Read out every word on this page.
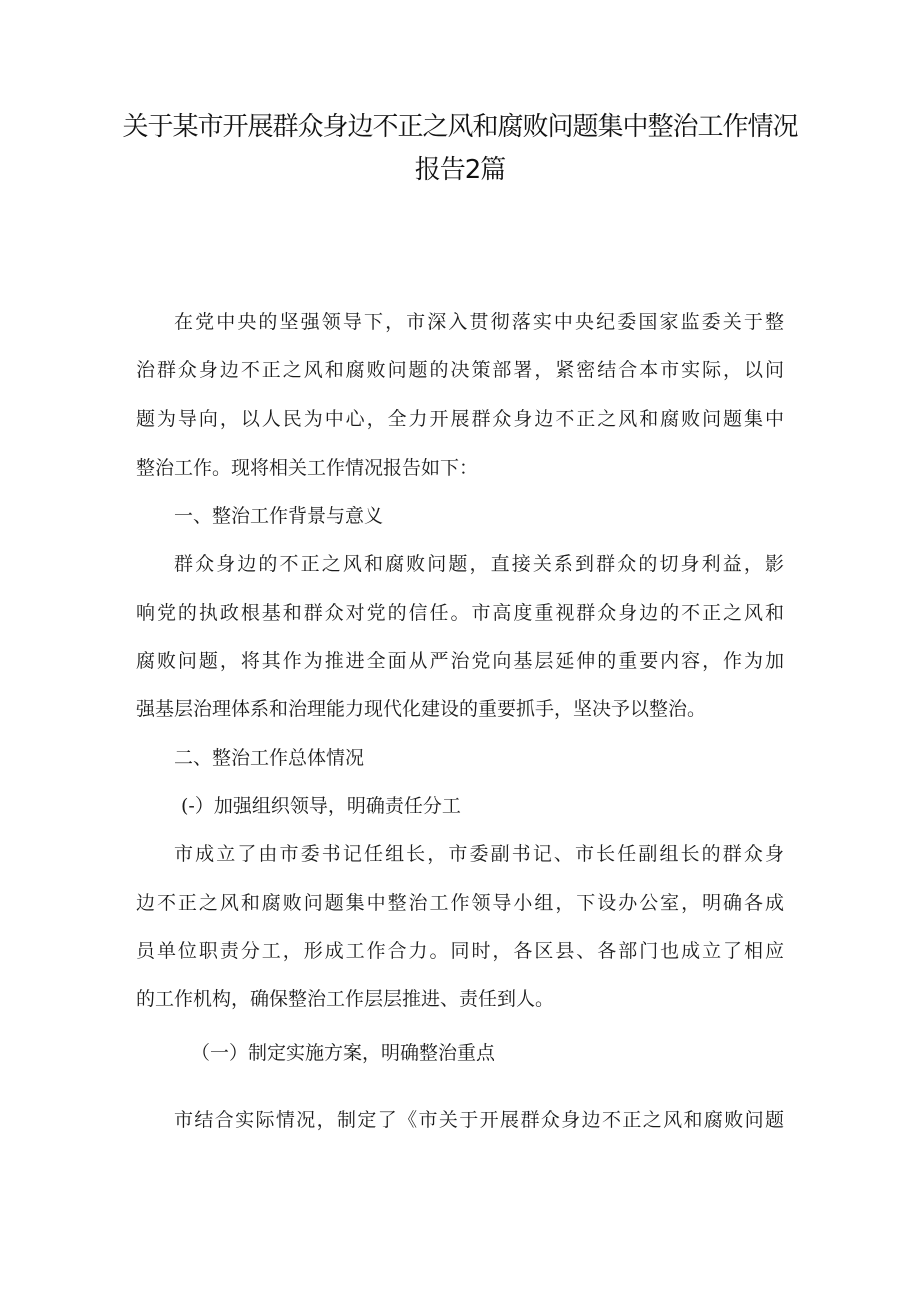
关于某市开展群众身边不正之风和腐败问题集中整治工作情况
报告2篇
在党中央的坚强领导下，市深入贯彻落实中央纪委国家监委关于整
治群众身边不正之风和腐败问题的决策部署，紧密结合本市实际，以问
题为导向，以人民为中心，全力开展群众身边不正之风和腐败问题集中
整治工作。现将相关工作情况报告如下：
一、整治工作背景与意义
群众身边的不正之风和腐败问题，直接关系到群众的切身利益，影
响党的执政根基和群众对党的信任。市高度重视群众身边的不正之风和
腐败问题，将其作为推进全面从严治党向基层延伸的重要内容，作为加
强基层治理体系和治理能力现代化建设的重要抓手，坚决予以整治。
二、整治工作总体情况
(-）加强组织领导，明确责任分工
市成立了由市委书记任组长，市委副书记、市长任副组长的群众身
边不正之风和腐败问题集中整治工作领导小组，下设办公室，明确各成
员单位职责分工，形成工作合力。同时，各区县、各部门也成立了相应
的工作机构，确保整治工作层层推进、责任到人。
（一）制定实施方案，明确整治重点
市结合实际情况，制定了《市关于开展群众身边不正之风和腐败问题
